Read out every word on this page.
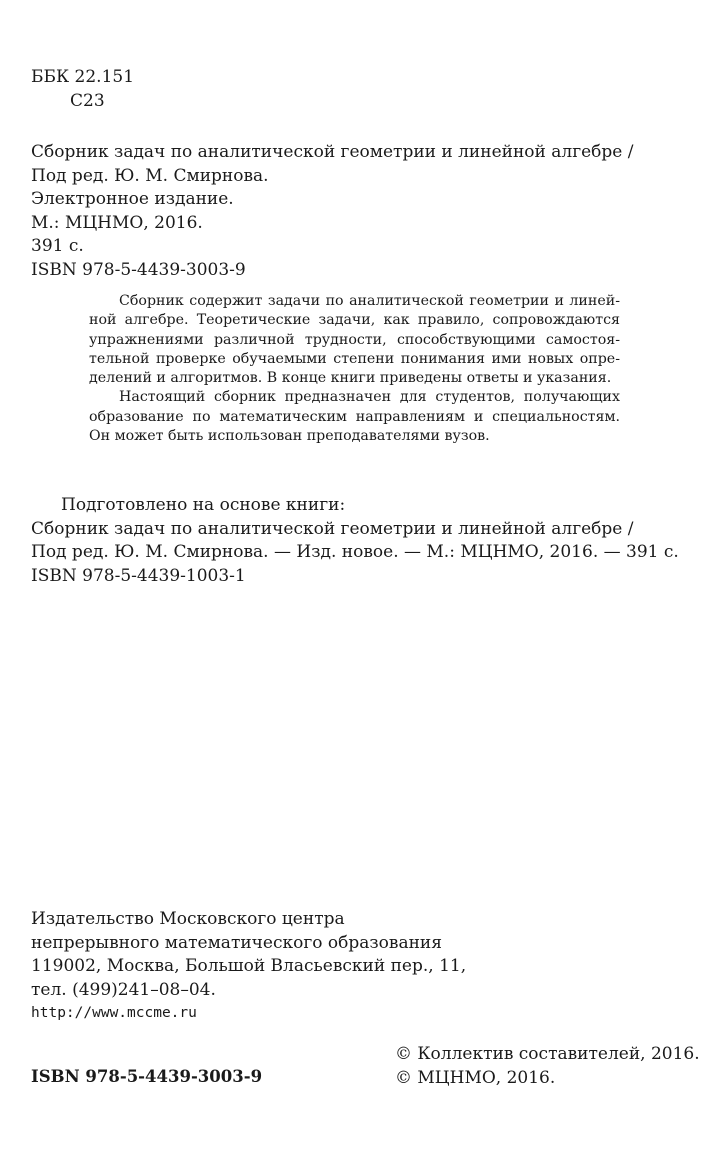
ББК 22.151
С23
Сборник задач по аналитической геометрии и линейной алгебре /
Под ред. Ю. М. Смирнова.
Электронное издание.
М.: МЦНМО, 2016.
391 с.
ISBN 978-5-4439-3003-9

Сборник содержит задачи по аналитической геометрии и линейной алгебре. Теоретические задачи, как правило, сопровождаются упражнениями различной трудности, способствующими самостоятельной проверке обучаемыми степени понимания ими новых определений и алгоритмов. В конце книги приведены ответы и указания.

Настоящий сборник предназначен для студентов, получающих образование по математическим направлениям и специальностям. Он может быть использован преподавателями вузов.

Подготовлено на основе книги:
Сборник задач по аналитической геометрии и линейной алгебре /
Под ред. Ю. М. Смирнова. — Изд. новое. — М.: МЦНМО, 2016. — 391 с.
ISBN 978-5-4439-1003-1
Издательство Московского центра
непрерывного математического образования
119002, Москва, Большой Власьевский пер., 11,
тел. (499)241–08–04.
http://www.mccme.ru
ISBN 978-5-4439-3003-9
© Коллектив составителей, 2016.
© МЦНМО, 2016.
